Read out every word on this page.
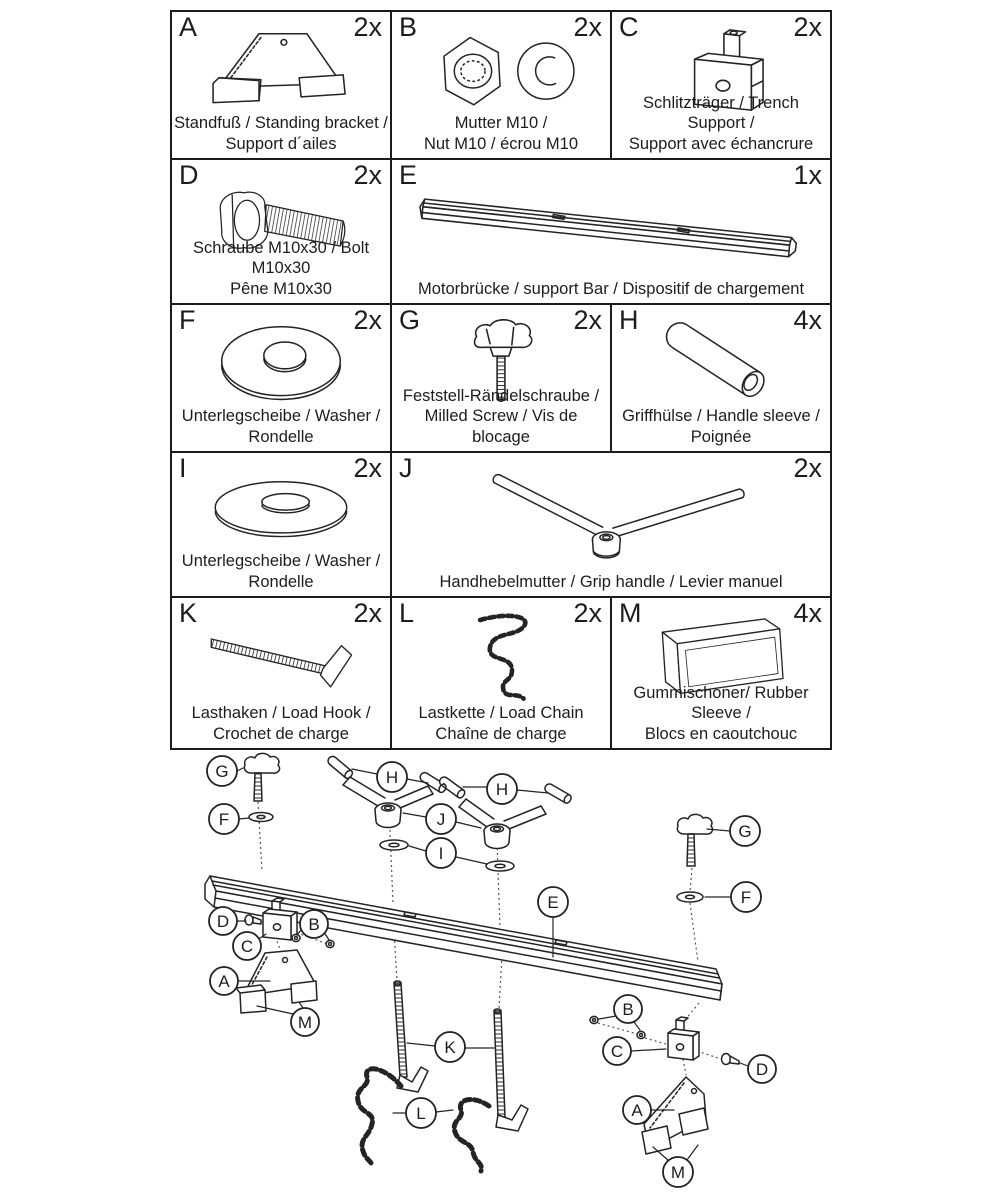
A	2x
Standfuß / Standing bracket /
Support d´ailes
B	2x
Mutter M10 /
Nut M10 / écrou M10
C	2x
Schlitzträger / Trench Support /
Support avec échancrure
D	2x
Schraube M10x30 / Bolt M10x30
Pêne M10x30
E	1x
Motorbrücke / support Bar / Dispositif de chargement
F	2x
Unterlegscheibe / Washer /
Rondelle
G	2x
Feststell-Rändelschraube /
Milled Screw / Vis de blocage
H	4x
Griffhülse / Handle sleeve /
Poignée
I	2x
Unterlegscheibe / Washer /
Rondelle
J	2x
Handhebelmutter / Grip handle / Levier manuel
K	2x
Lasthaken / Load Hook /
Crochet de charge
L	2x
Lastkette / Load Chain
Chaîne de charge
M	4x
Gummischoner/ Rubber Sleeve /
Blocs en caoutchouc
G
F
H
H
J
I
E
D
C
B
A
M
K
L
G
F
B
C
D
A
M
